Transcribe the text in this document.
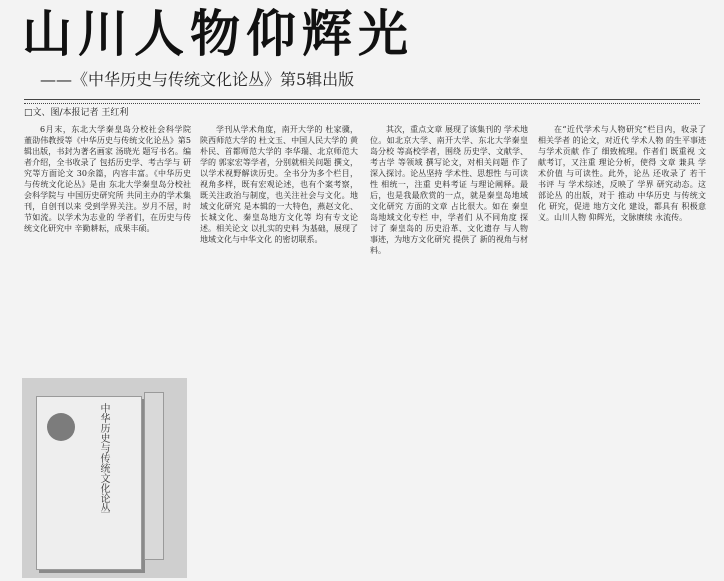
山川人物仰辉光
——《中华历史与传统文化论丛》第5辑出版
□文、图/本报记者 王红利

6月末，东北大学秦皇岛分校社会科学院 董劭伟教授等《中华历史与传统文化论丛》第5辑出版，书封为著名画家 汤晓光 题写书名。编者介绍，全书收录了 包括历史学、考古学与 研究等方面论文 30余篇，内容丰富。《中华历史与传统文化论丛》是由 东北大学秦皇岛分校社会科学院与 中国历史研究所 共同主办的学术集刊，自创刊以来 受到学界关注。岁月不居，时节如流。以学术为志业的 学者们，在历史与传统文化研究中 辛勤耕耘，成果丰硕。

学刊从学术角度，南开大学的 杜家骥，陕西师范大学的 杜文玉、中国人民大学的 黄朴民、首都师范大学的 李华瑞、北京师范大学的 郭家宏等学者，分别就相关问题 撰文，以学术视野解读历史。全书分为多个栏目，视角多样，既有宏观论述，也有个案考察，既关注政治与制度，也关注社会与文化。地域文化研究 是本辑的一大特色，燕赵文化、长城文化、秦皇岛地方文化等 均有专文论述。相关论文 以扎实的史料 为基础，展现了 地域文化与中华文化 的密切联系。

其次，重点文章 展现了该集刊的 学术地位。如北京大学、南开大学、东北大学秦皇岛分校 等高校学者，围绕 历史学、文献学、考古学 等领域 撰写论文，对相关问题 作了深入探讨。论丛坚持 学术性、思想性 与可读性 相统一，注重 史料考证 与理论阐释。最后，也是我最欣赏的一点，就是秦皇岛地域文化研究 方面的文章 占比很大。如在 秦皇岛地域文化专栏 中，学者们 从不同角度 探讨了 秦皇岛的 历史沿革、文化遗存 与人物事迹，为地方文化研究 提供了 新的视角与材料。

在“近代学术与人物研究”栏目内，收录了 相关学者 的论文，对近代 学术人物 的生平事迹 与学术贡献 作了 细致梳理。作者们 既重视 文献考订，又注重 理论分析，使得 文章 兼具 学术价值 与可读性。此外，论丛 还收录了 若干 书评 与 学术综述，反映了 学界 研究动态。这部论丛 的出版，对于 推动 中华历史 与传统文化 研究，促进 地方文化 建设，都具有 积极意义。山川人物 仰辉光，文脉赓续 永流传。

中华历史与传统文化论丛
